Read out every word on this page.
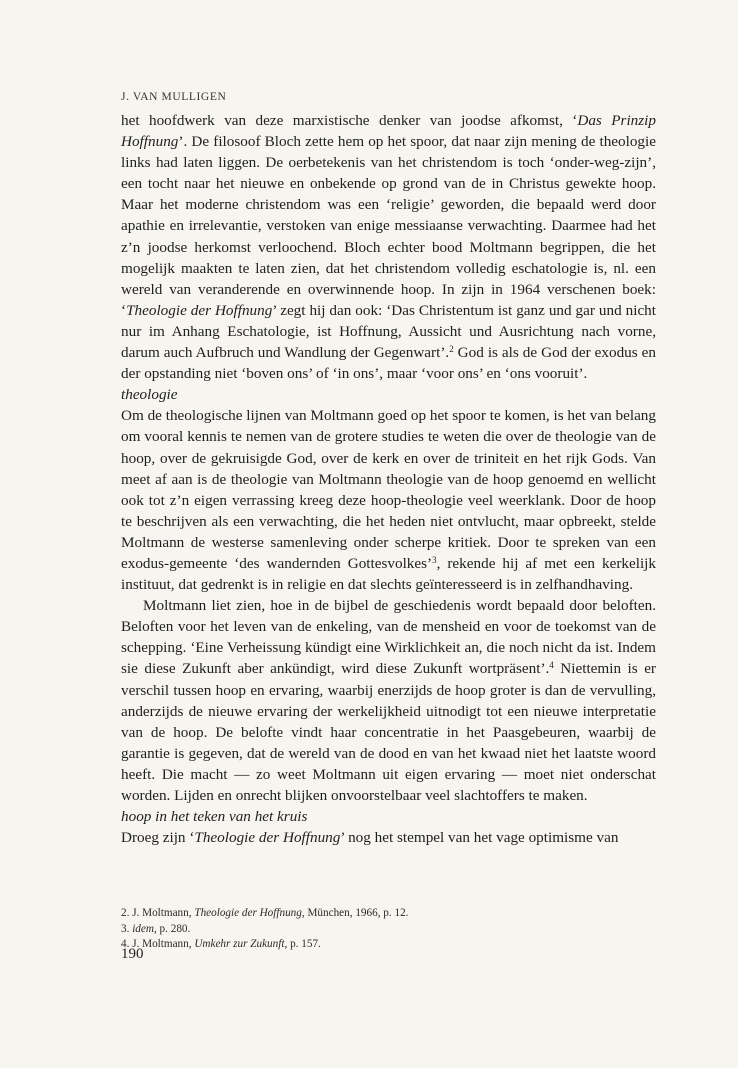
J. VAN MULLIGEN

het hoofdwerk van deze marxistische denker van joodse afkomst, ‘Das Prinzip Hoffnung’. De filosoof Bloch zette hem op het spoor, dat naar zijn mening de theologie links had laten liggen. De oerbetekenis van het christendom is toch ‘onder-weg-zijn’, een tocht naar het nieuwe en onbekende op grond van de in Christus gewekte hoop. Maar het moderne christendom was een ‘religie’ geworden, die bepaald werd door apathie en irrelevantie, verstoken van enige messiaanse verwachting. Daarmee had het z’n joodse herkomst verloochend. Bloch echter bood Moltmann begrippen, die het mogelijk maakten te laten zien, dat het christendom volledig eschatologie is, nl. een wereld van veranderende en overwinnende hoop. In zijn in 1964 verschenen boek: ‘Theologie der Hoffnung’ zegt hij dan ook: ‘Das Christentum ist ganz und gar und nicht nur im Anhang Eschatologie, ist Hoffnung, Aussicht und Ausrichtung nach vorne, darum auch Aufbruch und Wandlung der Gegenwart’.$^2$ God is als de God der exodus en der opstanding niet ‘boven ons’ of ‘in ons’, maar ‘voor ons’ en ‘ons vooruit’.

theologie

Om de theologische lijnen van Moltmann goed op het spoor te komen, is het van belang om vooral kennis te nemen van de grotere studies te weten die over de theologie van de hoop, over de gekruisigde God, over de kerk en over de triniteit en het rijk Gods. Van meet af aan is de theologie van Moltmann theologie van de hoop genoemd en wellicht ook tot z’n eigen verrassing kreeg deze hoop-theologie veel weerklank. Door de hoop te beschrijven als een verwachting, die het heden niet ontvlucht, maar opbreekt, stelde Moltmann de westerse samenleving onder scherpe kritiek. Door te spreken van een exodus-gemeente ‘des wandernden Gottesvolkes’$^3$, rekende hij af met een kerkelijk instituut, dat gedrenkt is in religie en dat slechts geïnteresseerd is in zelfhandhaving.

Moltmann liet zien, hoe in de bijbel de geschiedenis wordt bepaald door beloften. Beloften voor het leven van de enkeling, van de mensheid en voor de toekomst van de schepping. ‘Eine Verheissung kündigt eine Wirklichkeit an, die noch nicht da ist. Indem sie diese Zukunft aber ankündigt, wird diese Zukunft wortpräsent’.$^4$ Niettemin is er verschil tussen hoop en ervaring, waarbij enerzijds de hoop groter is dan de vervulling, anderzijds de nieuwe ervaring der werkelijkheid uitnodigt tot een nieuwe interpretatie van de hoop. De belofte vindt haar concentratie in het Paasgebeuren, waarbij de garantie is gegeven, dat de wereld van de dood en van het kwaad niet het laatste woord heeft. Die macht — zo weet Moltmann uit eigen ervaring — moet niet onderschat worden. Lijden en onrecht blijken onvoorstelbaar veel slachtoffers te maken.

hoop in het teken van het kruis

Droeg zijn ‘Theologie der Hoffnung’ nog het stempel van het vage optimisme van

2. J. Moltmann, Theologie der Hoffnung, München, 1966, p. 12.
3. idem, p. 280.
4. J. Moltmann, Umkehr zur Zukunft, p. 157.
190
